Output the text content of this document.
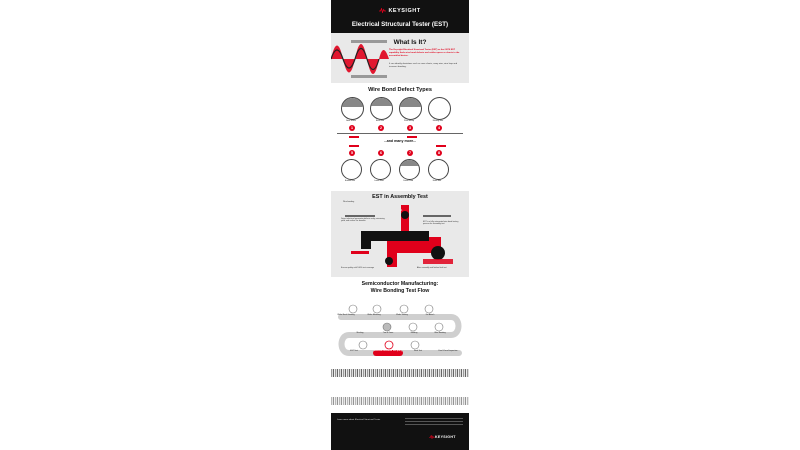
KEYSIGHT
Electrical Structural Tester (EST)
What Is It?
The Keysight Electrical Structural Tester (EST) or the i3070 EST capability finds wire bond defects and solder opens or shorts in the assembled device.
It can identify deviations such as near shorts, sway wire, wire loop and incorrect bonding.
Wire Bond Defect Types
Near shorts	Bent wire	Wire sweep	Missing wire
1	2	3	4
...and many more...
5	6	7	8
Broken wire	Loose lead	Corner lead	Extra wire
EST in Assembly Test
1
Wire bonding
Detect electrical parameter defects early, minimizing yield, and realize the benefits.	EST is a fully automated wire bond testing process for assembly test
Ensure quality with 100% test coverage	After assembly and before final test
Semiconductor Manufacturing:
Wire Bonding Test Flow
Wafer Back Grinding	Wafer Mounting	Wafer Sawing	Die Attach
Marking	Trim & Form	Molding	Wire Bonding
EST Test	Electrical Structural Test (EST)	Final Test	Final Visual Inspection
Learn more about Electrical Structural Tester
KEYSIGHT
